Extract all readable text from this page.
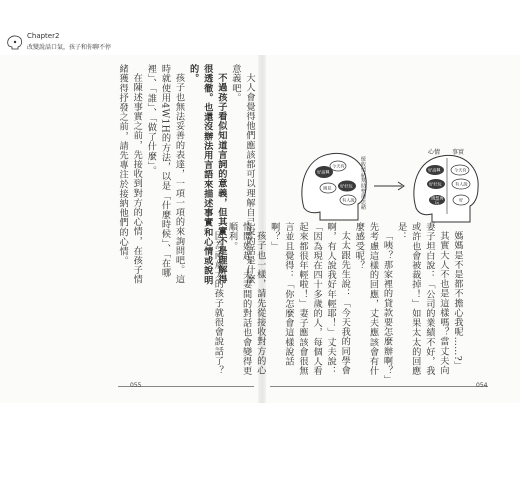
Chapter2
改變說話口氣，孩子和你聊不停

大人會覺得他們應該都可以理解自己說的話是什麼意義吧。

不過孩子看似知道言詞的意義，但其實不是理解得很透徹。也還沒辦法用言語來描述事實和心情或說明的。

孩子也無法妥善的表達，一項一項的來詢問吧。這時就使用4W1H的方法，以是「什麼時候」、「在哪裡」、「誰」、「做了什麼」。

在陳述事實之前，先接收到對方的心情，在孩子情緒獲得抒發之前，請先專注於接納他們的心情。

媽媽是不是都不擔心我呢……?」

其實大人不也是這樣嗎？當丈夫向妻子坦白說：「公司的業績不好，我或許也會被裁掉！」如果太太的回應是：

「咦？那家裡的貸款要怎麼辦啊？」先考慮這樣的回應，丈夫應該會有什麼感受呢？

太太跟先生說：「今天我的同學會啊，有人說我好年輕耶！」丈夫說：「因為現在四十多歲的人，每個人看起來都很年輕啦！」妻子應該會很無言並且覺得：「你怎麼會這樣說話啊？」

孩子也一樣，請先從接收對方的心情開始起，夫妻間的對話也會變得更順利。

因為兩歲大的孩子就很會說話了？

好高興
好好玩
今天有
遇見
有人說
心情 事實
好高興
好好玩
遇想再
玩
今天有
有人說
好
接收情緒幫助整理思緒
055	054
